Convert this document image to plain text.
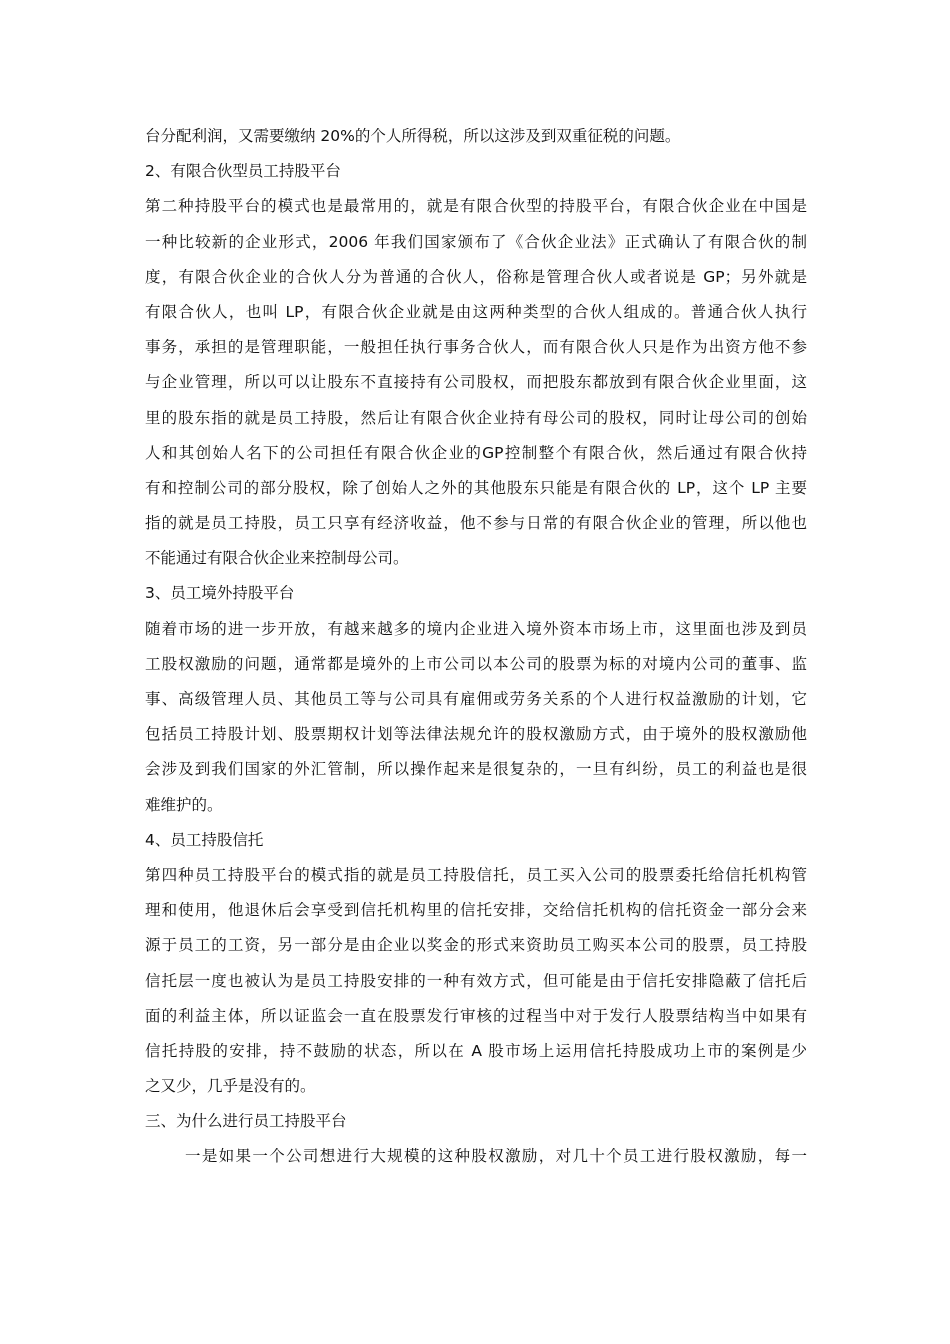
台分配利润，又需要缴纳 20%的个人所得税，所以这涉及到双重征税的问题。
2、有限合伙型员工持股平台
第二种持股平台的模式也是最常用的，就是有限合伙型的持股平台，有限合伙企业在中国是
一种比较新的企业形式，2006 年我们国家颁布了《合伙企业法》正式确认了有限合伙的制
度，有限合伙企业的合伙人分为普通的合伙人，俗称是管理合伙人或者说是 GP；另外就是
有限合伙人，也叫 LP，有限合伙企业就是由这两种类型的合伙人组成的。普通合伙人执行
事务，承担的是管理职能，一般担任执行事务合伙人，而有限合伙人只是作为出资方他不参
与企业管理，所以可以让股东不直接持有公司股权，而把股东都放到有限合伙企业里面，这
里的股东指的就是员工持股，然后让有限合伙企业持有母公司的股权，同时让母公司的创始
人和其创始人名下的公司担任有限合伙企业的GP控制整个有限合伙，然后通过有限合伙持
有和控制公司的部分股权，除了创始人之外的其他股东只能是有限合伙的 LP，这个 LP 主要
指的就是员工持股，员工只享有经济收益，他不参与日常的有限合伙企业的管理，所以他也
不能通过有限合伙企业来控制母公司。
3、员工境外持股平台
随着市场的进一步开放，有越来越多的境内企业进入境外资本市场上市，这里面也涉及到员
工股权激励的问题，通常都是境外的上市公司以本公司的股票为标的对境内公司的董事、监
事、高级管理人员、其他员工等与公司具有雇佣或劳务关系的个人进行权益激励的计划，它
包括员工持股计划、股票期权计划等法律法规允许的股权激励方式，由于境外的股权激励他
会涉及到我们国家的外汇管制，所以操作起来是很复杂的，一旦有纠纷，员工的利益也是很
难维护的。
4、员工持股信托
第四种员工持股平台的模式指的就是员工持股信托，员工买入公司的股票委托给信托机构管
理和使用，他退休后会享受到信托机构里的信托安排，交给信托机构的信托资金一部分会来
源于员工的工资，另一部分是由企业以奖金的形式来资助员工购买本公司的股票，员工持股
信托层一度也被认为是员工持股安排的一种有效方式，但可能是由于信托安排隐蔽了信托后
面的利益主体，所以证监会一直在股票发行审核的过程当中对于发行人股票结构当中如果有
信托持股的安排，持不鼓励的状态，所以在 A 股市场上运用信托持股成功上市的案例是少
之又少，几乎是没有的。
三、为什么进行员工持股平台
一是如果一个公司想进行大规模的这种股权激励，对几十个员工进行股权激励，每一
